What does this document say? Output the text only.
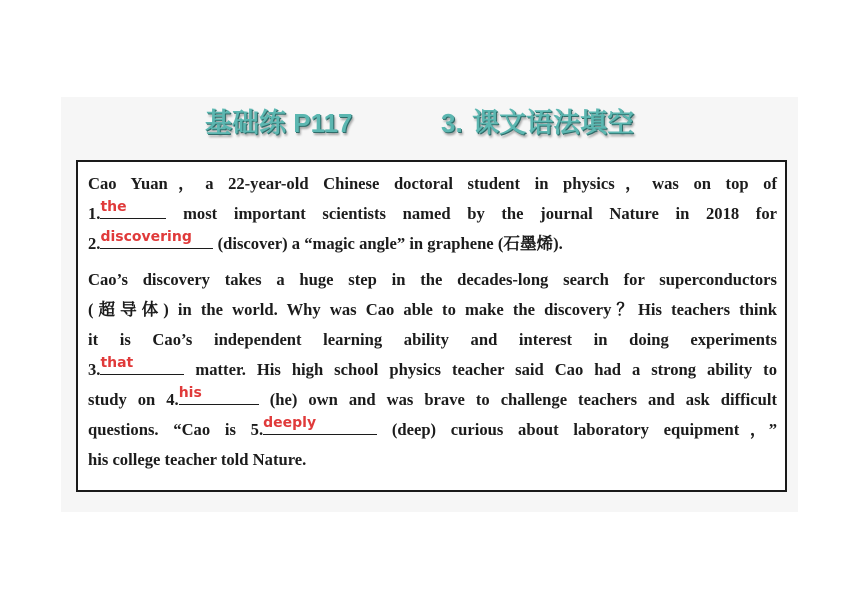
基础练 P117	3. 课文语法填空
Cao Yuan，a 22-year-old Chinese doctoral student in physics，was on top of
1. the	most important scientists named by the journal Nature in 2018 for
2. discovering	(discover) a “magic angle” in graphene (石墨烯).
Cao’s discovery takes a huge step in the decades-long search for superconductors
(超导体) in the world. Why was Cao able to make the discovery？His teachers think
it is Cao’s independent learning ability and interest in doing experiments
3. that	matter. His high school physics teacher said Cao had a strong ability to
study on 4. his	(he) own and was brave to challenge teachers and ask difficult
questions. “Cao is 5. deeply	(deep) curious about laboratory equipment，”
his college teacher told Nature.
